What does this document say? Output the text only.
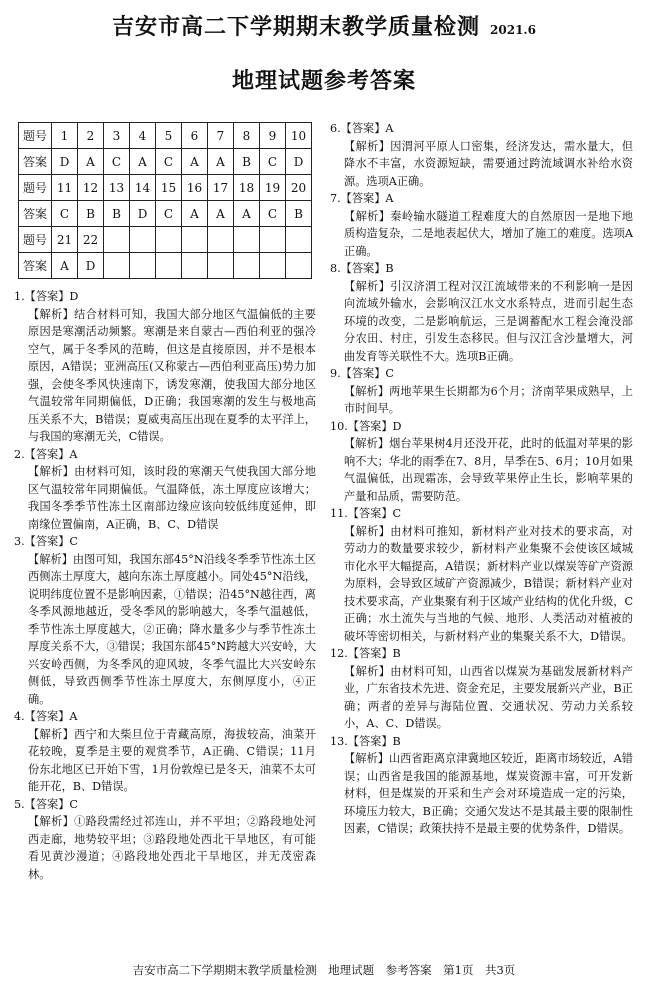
吉安市高二下学期期末教学质量检测 2021.6
地理试题参考答案
题号	1	2	3	4	5	6	7	8	9	10
答案	D	A	C	A	C	A	A	B	C	D
题号	11	12	13	14	15	16	17	18	19	20
答案	C	B	B	D	C	A	A	A	C	B
题号	21	22								
答案	A	D								

1.【答案】D

【解析】结合材料可知，我国大部分地区气温偏低的主要原因是寒潮活动频繁。寒潮是来自蒙古—西伯利亚的强冷空气，属于冬季风的范畴，但这是直接原因，并不是根本原因，A错误；亚洲高压(又称蒙古—西伯利亚高压)势力加强，会使冬季风快速南下，诱发寒潮，使我国大部分地区气温较常年同期偏低，D正确；我国寒潮的发生与极地高压关系不大，B错误；夏威夷高压出现在夏季的太平洋上，与我国的寒潮无关，C错误。

2.【答案】A

【解析】由材料可知，该时段的寒潮天气使我国大部分地区气温较常年同期偏低。气温降低，冻土厚度应该增大；我国冬季季节性冻土区南部边缘应该向较低纬度延伸，即南缘位置偏南，A正确，B、C、D错误

3.【答案】C

【解析】由图可知，我国东部45°N沿线冬季季节性冻土区西侧冻土厚度大，越向东冻土厚度越小。同处45°N沿线，说明纬度位置不是影响因素，①错误；沿45°N越往西，离冬季风源地越近，受冬季风的影响越大，冬季气温越低，季节性冻土厚度越大，②正确；降水量多少与季节性冻土厚度关系不大，③错误；我国东部45°N跨越大兴安岭，大兴安岭西侧，为冬季风的迎风坡，冬季气温比大兴安岭东侧低，导致西侧季节性冻土厚度大，东侧厚度小，④正确。

4.【答案】A

【解析】西宁和大柴旦位于青藏高原，海拔较高，油菜开花较晚，夏季是主要的观赏季节，A正确、C错误；11月份东北地区已开始下雪，1月份敦煌已是冬天，油菜不太可能开花，B、D错误。

5.【答案】C

【解析】①路段需经过祁连山，并不平坦；②路段地处河西走廊，地势较平坦；③路段地处西北干旱地区，有可能看见黄沙漫道；④路段地处西北干旱地区，并无茂密森林。

6.【答案】A

【解析】因渭河平原人口密集，经济发达，需水量大，但降水不丰富，水资源短缺，需要通过跨流域调水补给水资源。选项A正确。

7.【答案】A

【解析】秦岭输水隧道工程难度大的自然原因一是地下地质构造复杂，二是地表起伏大，增加了施工的难度。选项A正确。

8.【答案】B

【解析】引汉济渭工程对汉江流域带来的不利影响一是因向流域外输水，会影响汉江水文水系特点，进而引起生态环境的改变，二是影响航运，三是调蓄配水工程会淹没部分农田、村庄，引发生态移民。但与汉江含沙量增大，河曲发育等关联性不大。选项B正确。

9.【答案】C

【解析】两地苹果生长期都为6个月；济南苹果成熟早，上市时间早。

10.【答案】D

【解析】烟台苹果树4月还没开花，此时的低温对苹果的影响不大；华北的雨季在7、8月，旱季在5、6月；10月如果气温偏低，出现霜冻，会导致苹果停止生长，影响苹果的产量和品质，需要防范。

11.【答案】C

【解析】由材料可推知，新材料产业对技术的要求高，对劳动力的数量要求较少，新材料产业集聚不会使该区域城市化水平大幅提高，A错误；新材料产业以煤炭等矿产资源为原料，会导致区域矿产资源减少，B错误；新材料产业对技术要求高，产业集聚有利于区域产业结构的优化升级，C正确；水土流失与当地的气候、地形、人类活动对植被的破坏等密切相关，与新材料产业的集聚关系不大，D错误。

12.【答案】B

【解析】由材料可知，山西省以煤炭为基础发展新材料产业，广东省技术先进、资金充足，主要发展新兴产业，B正确；两者的差异与海陆位置、交通状况、劳动力关系较小，A、C、D错误。

13.【答案】B

【解析】山西省距离京津冀地区较近，距离市场较近，A错误；山西省是我国的能源基地，煤炭资源丰富，可开发新材料，但是煤炭的开采和生产会对环境造成一定的污染，环境压力较大，B正确；交通欠发达不是其最主要的限制性因素，C错误；政策扶持不是最主要的优势条件，D错误。

吉安市高二下学期期末教学质量检测　地理试题　参考答案　第1页　共3页
